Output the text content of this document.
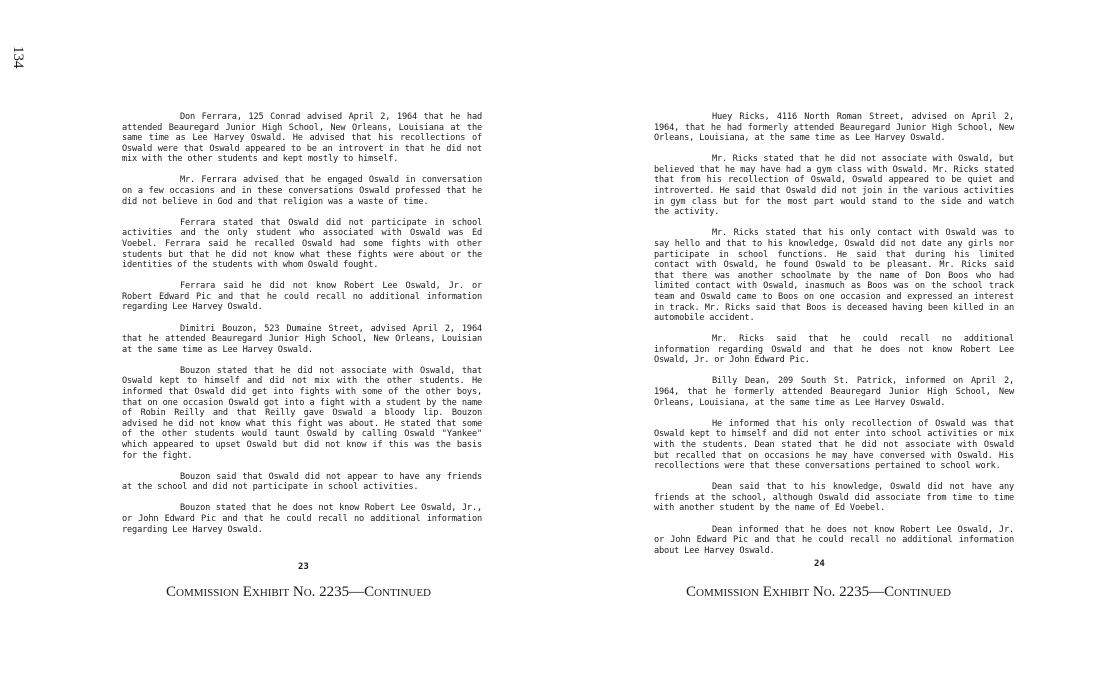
134

Don Ferrara, 125 Conrad advised April 2, 1964 that he had attended Beauregard Junior High School, New Orleans, Louisiana at the same time as Lee Harvey Oswald. He advised that his recollections of Oswald were that Oswald appeared to be an introvert in that he did not mix with the other students and kept mostly to himself.

Mr. Ferrara advised that he engaged Oswald in conversation on a few occasions and in these conversations Oswald professed that he did not believe in God and that religion was a waste of time.

Ferrara stated that Oswald did not participate in school activities and the only student who associated with Oswald was Ed Voebel. Ferrara said he recalled Oswald had some fights with other students but that he did not know what these fights were about or the identities of the students with whom Oswald fought.

Ferrara said he did not know Robert Lee Oswald, Jr. or Robert Edward Pic and that he could recall no additional information regarding Lee Harvey Oswald.

Dimitri Bouzon, 523 Dumaine Street, advised April 2, 1964 that he attended Beauregard Junior High School, New Orleans, Louisian at the same time as Lee Harvey Oswald.

Bouzon stated that he did not associate with Oswald, that Oswald kept to himself and did not mix with the other students. He informed that Oswald did get into fights with some of the other boys, that on one occasion Oswald got into a fight with a student by the name of Robin Reilly and that Reilly gave Oswald a bloody lip. Bouzon advised he did not know what this fight was about. He stated that some of the other students would taunt Oswald by calling Oswald "Yankee" which appeared to upset Oswald but did not know if this was the basis for the fight.

Bouzon said that Oswald did not appear to have any friends at the school and did not participate in school activities.

Bouzon stated that he does not know Robert Lee Oswald, Jr., or John Edward Pic and that he could recall no additional information regarding Lee Harvey Oswald.

23
Commission Exhibit No. 2235—Continued

Huey Ricks, 4116 North Roman Street, advised on April 2, 1964, that he had formerly attended Beauregard Junior High School, New Orleans, Louisiana, at the same time as Lee Harvey Oswald.

Mr. Ricks stated that he did not associate with Oswald, but believed that he may have had a gym class with Oswald. Mr. Ricks stated that from his recollection of Oswald, Oswald appeared to be quiet and introverted. He said that Oswald did not join in the various activities in gym class but for the most part would stand to the side and watch the activity.

Mr. Ricks stated that his only contact with Oswald was to say hello and that to his knowledge, Oswald did not date any girls nor participate in school functions. He said that during his limited contact with Oswald, he found Oswald to be pleasant. Mr. Ricks said that there was another schoolmate by the name of Don Boos who had limited contact with Oswald, inasmuch as Boos was on the school track team and Oswald came to Boos on one occasion and expressed an interest in track. Mr. Ricks said that Boos is deceased having been killed in an automobile accident.

Mr. Ricks said that he could recall no additional information regarding Oswald and that he does not know Robert Lee Oswald, Jr. or John Edward Pic.

Billy Dean, 209 South St. Patrick, informed on April 2, 1964, that he formerly attended Beauregard Junior High School, New Orleans, Louisiana, at the same time as Lee Harvey Oswald.

He informed that his only recollection of Oswald was that Oswald kept to himself and did not enter into school activities or mix with the students. Dean stated that he did not associate with Oswald but recalled that on occasions he may have conversed with Oswald. His recollections were that these conversations pertained to school work.

Dean said that to his knowledge, Oswald did not have any friends at the school, although Oswald did associate from time to time with another student by the name of Ed Voebel.

Dean informed that he does not know Robert Lee Oswald, Jr. or John Edward Pic and that he could recall no additional information about Lee Harvey Oswald.

24
Commission Exhibit No. 2235—Continued
